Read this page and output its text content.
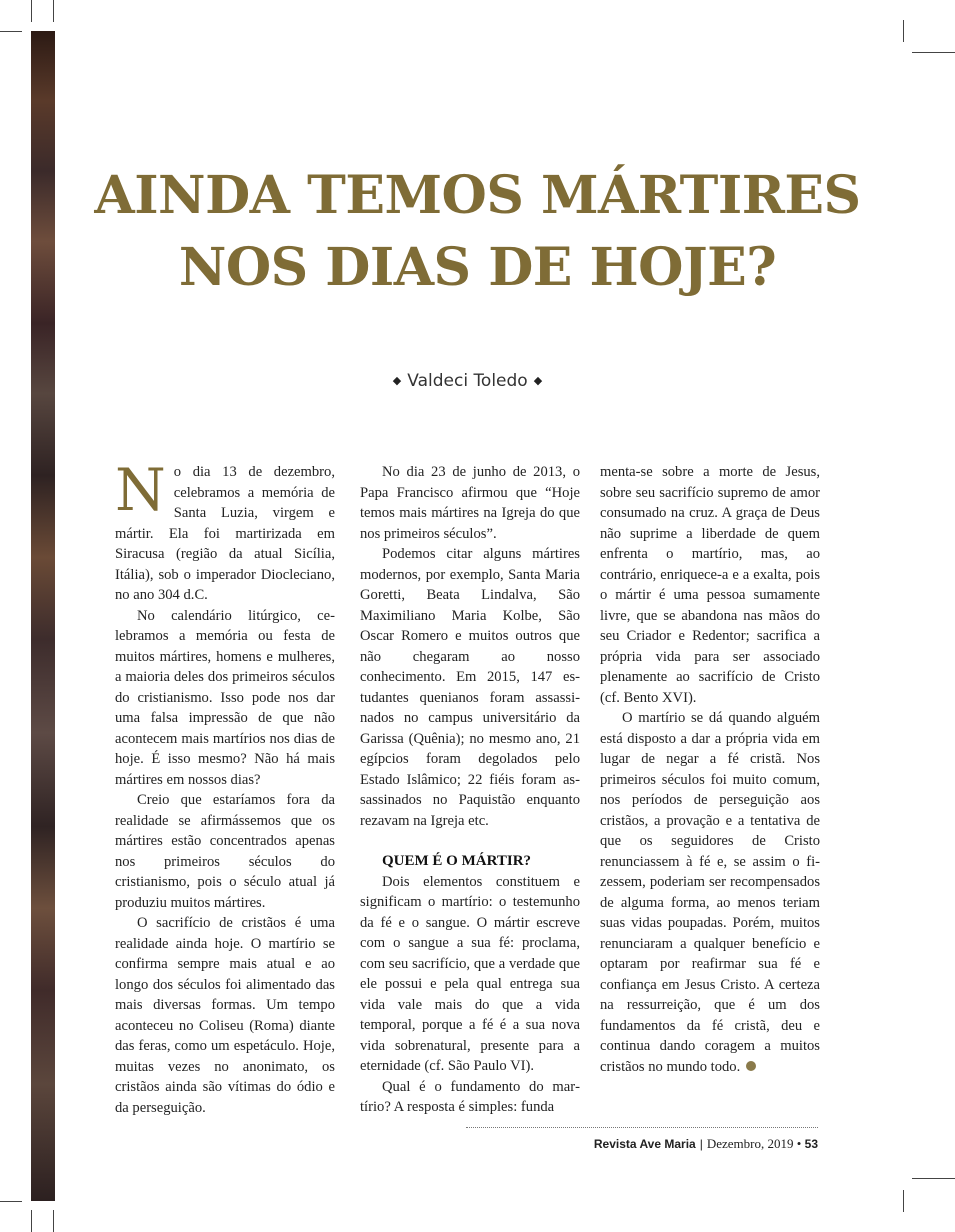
AINDA TEMOS MÁRTIRES
NOS DIAS DE HOJE?
◆ Valdeci Toledo ◆

No dia 13 de dezembro, celebramos a memória de Santa Luzia, virgem e mártir. Ela foi martirizada em Siracusa (região da atual Sicília, Itália), sob o imperador Diocleciano, no ano 304 d.C.

No calendário litúrgico, celebramos a memória ou festa de muitos mártires, homens e mulheres, a maioria deles dos primeiros séculos do cristianismo. Isso pode nos dar uma falsa impressão de que não acontecem mais martírios nos dias de hoje. É isso mesmo? Não há mais mártires em nossos dias?

Creio que estaríamos fora da realidade se afirmássemos que os mártires estão concentrados apenas nos primeiros séculos do cristianismo, pois o século atual já produziu muitos mártires.

O sacrifício de cristãos é uma realidade ainda hoje. O martírio se confirma sempre mais atual e ao longo dos séculos foi alimentado das mais diversas formas. Um tempo aconteceu no Coliseu (Roma) diante das feras, como um espetáculo. Hoje, muitas vezes no anonimato, os cristãos ainda são vítimas do ódio e da perseguição.

No dia 23 de junho de 2013, o Papa Francisco afirmou que “Hoje temos mais mártires na Igreja do que nos primeiros séculos”.

Podemos citar alguns mártires modernos, por exemplo, Santa Maria Goretti, Beata Lindalva, São Maximiliano Maria Kolbe, São Oscar Romero e muitos outros que não chegaram ao nosso conhecimento. Em 2015, 147 estudantes quenianos foram assassinados no campus universitário da Garissa (Quênia); no mesmo ano, 21 egípcios foram degolados pelo Estado Islâmico; 22 fiéis foram assassinados no Paquistão enquanto rezavam na Igreja etc.

QUEM É O MÁRTIR?

Dois elementos constituem e significam o martírio: o testemunho da fé e o sangue. O mártir escreve com o sangue a sua fé: proclama, com seu sacrifício, que a verdade que ele possui e pela qual entrega sua vida vale mais do que a vida temporal, porque a fé é a sua nova vida sobrenatural, presente para a eternidade (cf. São Paulo VI).

Qual é o fundamento do martírio? A resposta é simples: funda

menta-se sobre a morte de Jesus, sobre seu sacrifício supremo de amor consumado na cruz. A graça de Deus não suprime a liberdade de quem enfrenta o martírio, mas, ao contrário, enriquece-a e a exalta, pois o mártir é uma pessoa sumamente livre, que se abandona nas mãos do seu Criador e Redentor; sacrifica a própria vida para ser associado plenamente ao sacrifício de Cristo (cf. Bento XVI).

O martírio se dá quando alguém está disposto a dar a própria vida em lugar de negar a fé cristã. Nos primeiros séculos foi muito comum, nos períodos de perseguição aos cristãos, a provação e a tentativa de que os seguidores de Cristo renunciassem à fé e, se assim o fizessem, poderiam ser recompensados de alguma forma, ao menos teriam suas vidas poupadas. Porém, muitos renunciaram a qualquer benefício e optaram por reafirmar sua fé e confiança em Jesus Cristo. A certeza na ressurreição, que é um dos fundamentos da fé cristã, deu e continua dando coragem a muitos cristãos no mundo todo.

Revista Ave Maria | Dezembro, 2019 • 53
